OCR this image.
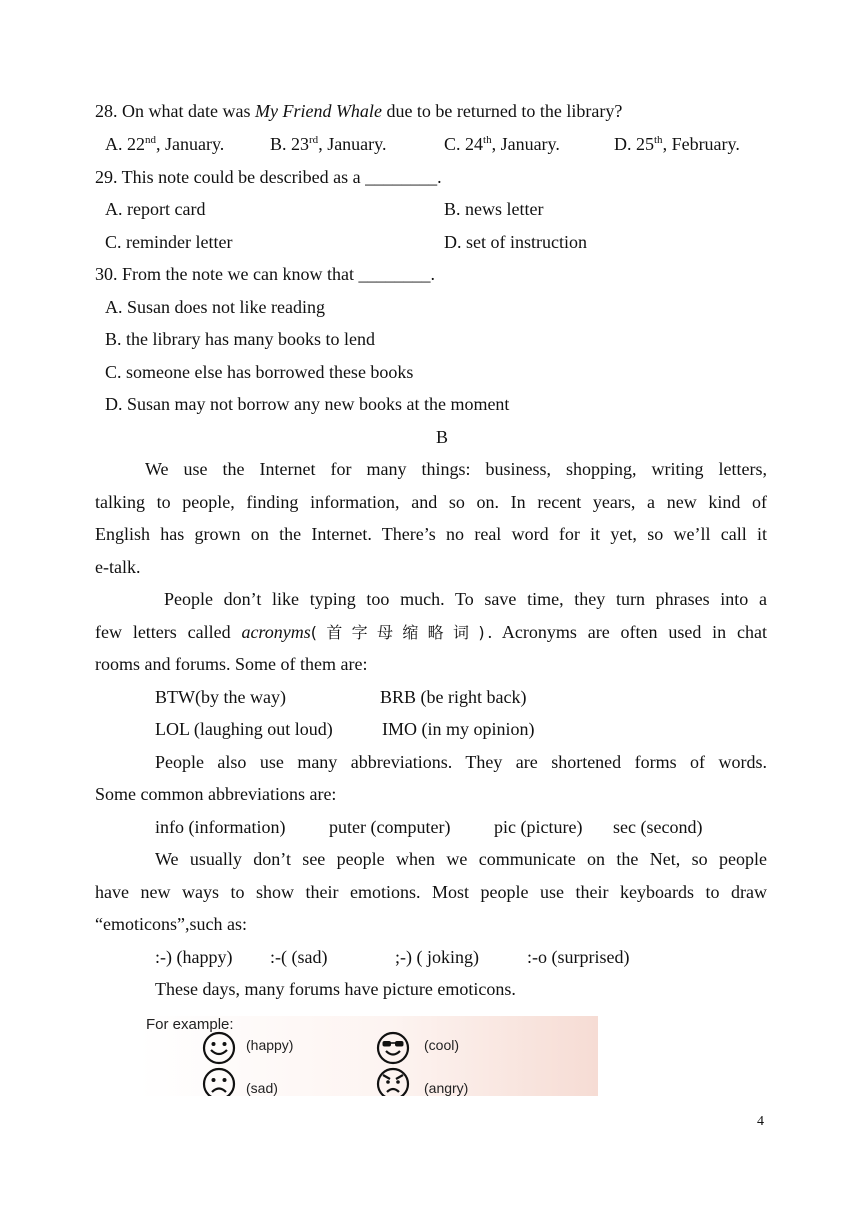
28. On what date was My Friend Whale due to be returned to the library?
A. 22nd, January.	B. 23rd, January.	C. 24th, January.	D. 25th, February.
29. This note could be described as a ________.
A. report card	B. news letter
C. reminder letter	D. set of instruction
30. From the note we can know that ________.
A. Susan does not like reading
B. the library has many books to lend
C. someone else has borrowed these books
D. Susan may not borrow any new books at the moment
B
We use the Internet for many things: business, shopping, writing letters,
talking to people, finding information, and so on. In recent years, a new kind of
English has grown on the Internet. There’s no real word for it yet, so we’ll call it
e-talk.
People don’t like typing too much. To save time, they turn phrases into a
few letters called acronyms(首字母缩略词). Acronyms are often used in chat
rooms and forums. Some of them are:
BTW(by the way)	BRB (be right back)
LOL (laughing out loud)	IMO (in my opinion)
People also use many abbreviations. They are shortened forms of words.
Some common abbreviations are:
info (information) puter (computer) pic (picture) sec (second)
We usually don’t see people when we communicate on the Net, so people
have new ways to show their emotions. Most people use their keyboards to draw
“emoticons”,such as:
:-) (happy) :-( (sad)	;-) ( joking)	:-o (surprised)
These days, many forums have picture emoticons.
For example:
(happy)	(cool)
(sad)	(angry)
4
